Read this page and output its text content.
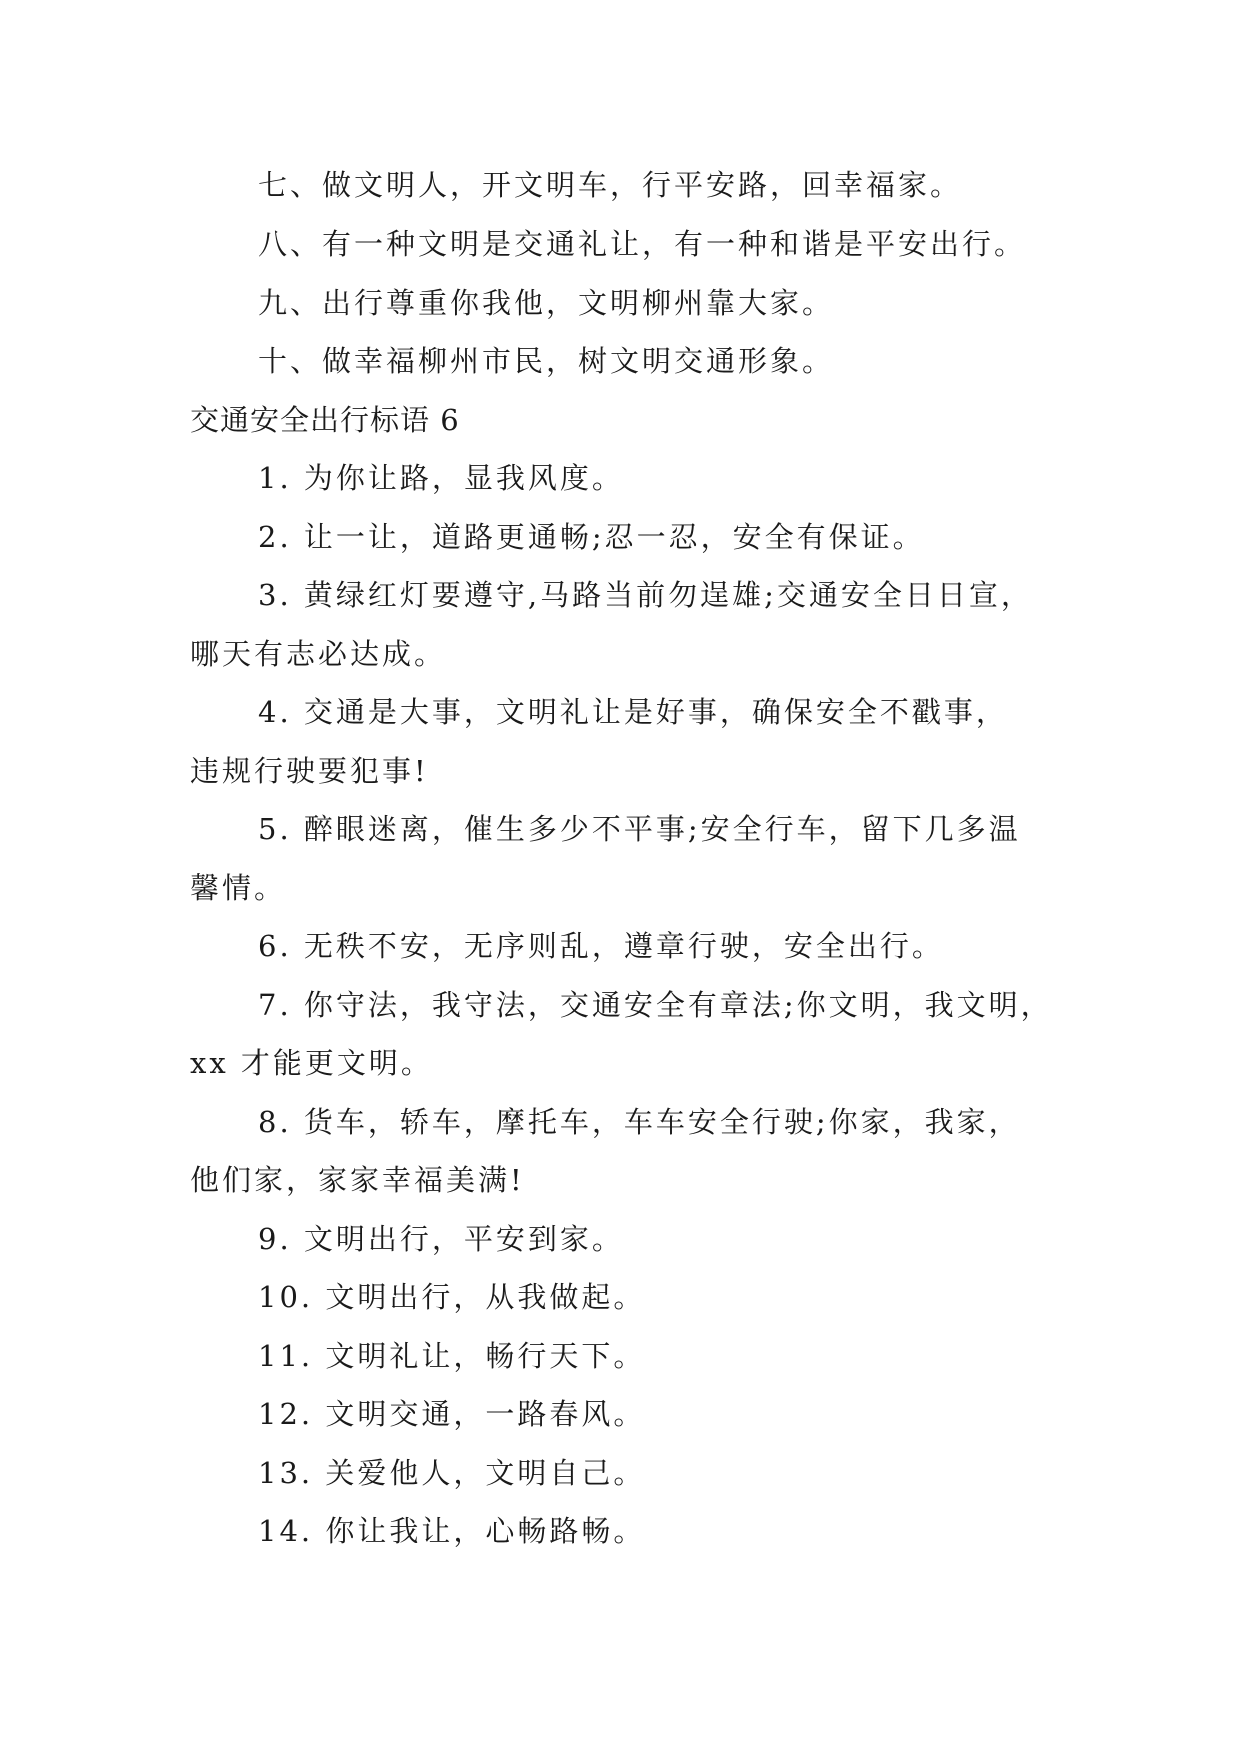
七、做文明人，开文明车，行平安路，回幸福家。
八、有一种文明是交通礼让，有一种和谐是平安出行。
九、出行尊重你我他，文明柳州靠大家。
十、做幸福柳州市民，树文明交通形象。
交通安全出行标语 6
1. 为你让路，显我风度。
2. 让一让，道路更通畅;忍一忍，安全有保证。
3. 黄绿红灯要遵守,马路当前勿逞雄;交通安全日日宣，
哪天有志必达成。
4. 交通是大事，文明礼让是好事，确保安全不戳事，
违规行驶要犯事!
5. 醉眼迷离，催生多少不平事;安全行车，留下几多温
馨情。
6. 无秩不安，无序则乱，遵章行驶，安全出行。
7. 你守法，我守法，交通安全有章法;你文明，我文明，
xx 才能更文明。
8. 货车，轿车，摩托车，车车安全行驶;你家，我家，
他们家，家家幸福美满!
9. 文明出行，平安到家。
10. 文明出行，从我做起。
11. 文明礼让，畅行天下。
12. 文明交通，一路春风。
13. 关爱他人，文明自己。
14. 你让我让，心畅路畅。
